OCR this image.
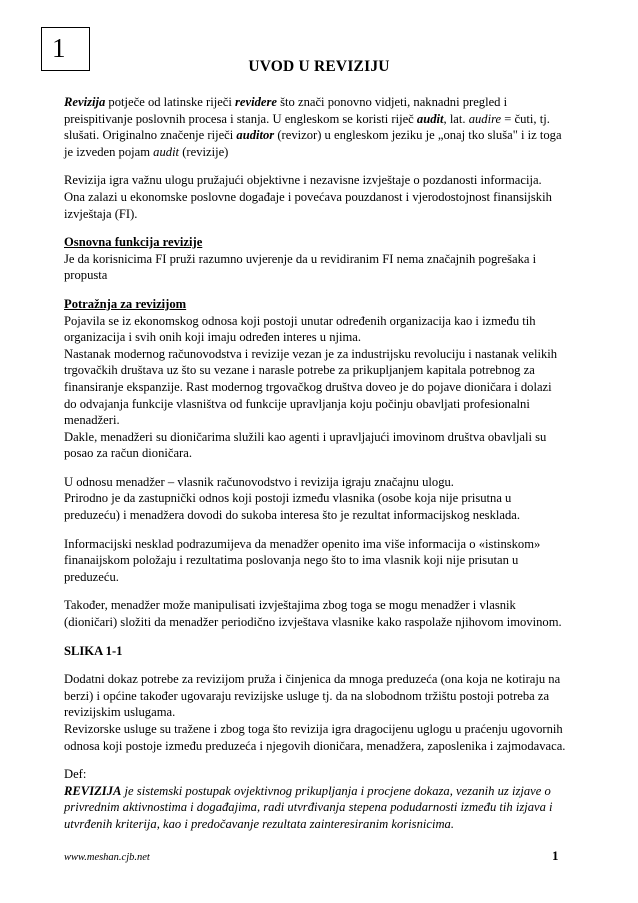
1
UVOD U REVIZIJU

Revizija potječe od latinske riječi revidere što znači ponovno vidjeti, naknadni pregled i preispitivanje poslovnih procesa i stanja. U engleskom se koristi riječ audit, lat. audire = čuti, tj. slušati. Originalno značenje riječi auditor (revizor) u engleskom jeziku je „onaj tko sluša" i iz toga je izveden pojam audit (revizije)

Revizija igra važnu ulogu pružajući objektivne i nezavisne izvještaje o pozdanosti informacija.
Ona zalazi u ekonomske poslovne događaje i povećava pouzdanost i vjerodostojnost finansijskih izvještaja (FI).

Osnovna funkcija revizije
Je da korisnicima FI pruži razumno uvjerenje da u revidiranim FI nema značajnih pogrešaka i propusta

Potražnja za revizijom
Pojavila se iz ekonomskog odnosa koji postoji unutar određenih organizacija kao i između tih organizacija i svih onih koji imaju određen interes u njima.
Nastanak modernog računovodstva i revizije vezan je za industrijsku revoluciju i nastanak velikih trgovačkih društava uz što su vezane i narasle potrebe za prikupljanjem kapitala potrebnog za finansiranje ekspanzije. Rast modernog trgovačkog društva doveo je do pojave dioničara i dolazi do odvajanja funkcije vlasništva od funkcije upravljanja koju počinju obavljati profesionalni menadžeri.
Dakle, menadžeri su dioničarima služili kao agenti i upravljajući imovinom društva obavljali su posao za račun dioničara.

U odnosu menadžer – vlasnik računovodstvo i revizija igraju značajnu ulogu.
Prirodno je da zastupnički odnos koji postoji između vlasnika (osobe koja nije prisutna u preduzeću) i menadžera dovodi do sukoba interesa što je rezultat informacijskog nesklada.

Informacijski nesklad podrazumijeva da menadžer openito ima više informacija o «istinskom» finanaijskom položaju i rezultatima poslovanja nego što to ima vlasnik koji nije prisutan u preduzeću.

Također, menadžer može manipulisati izvještajima zbog toga se mogu menadžer i vlasnik (dioničari) složiti da menadžer periodično izvještava vlasnike kako raspolaže njihovom imovinom.

SLIKA 1-1

Dodatni dokaz potrebe za revizijom pruža i činjenica da mnoga preduzeća (ona koja ne kotiraju na berzi) i općine također ugovaraju revizijske usluge tj. da na slobodnom tržištu postoji potreba za revizijskim uslugama.
Revizorske usluge su tražene i zbog toga što revizija igra dragocijenu uglogu u praćenju ugovornih odnosa koji postoje između preduzeća i njegovih dioničara, menadžera, zaposlenika i zajmodavaca.

Def:
REVIZIJA je sistemski postupak ovjektivnog prikupljanja i procjene dokaza, vezanih uz izjave o privrednim aktivnostima i događajima, radi utvrđivanja stepena podudarnosti između tih izjava i utvrđenih kriterija, kao i predočavanje rezultata zainteresiranim korisnicima.

www.meshan.cjb.net	1
